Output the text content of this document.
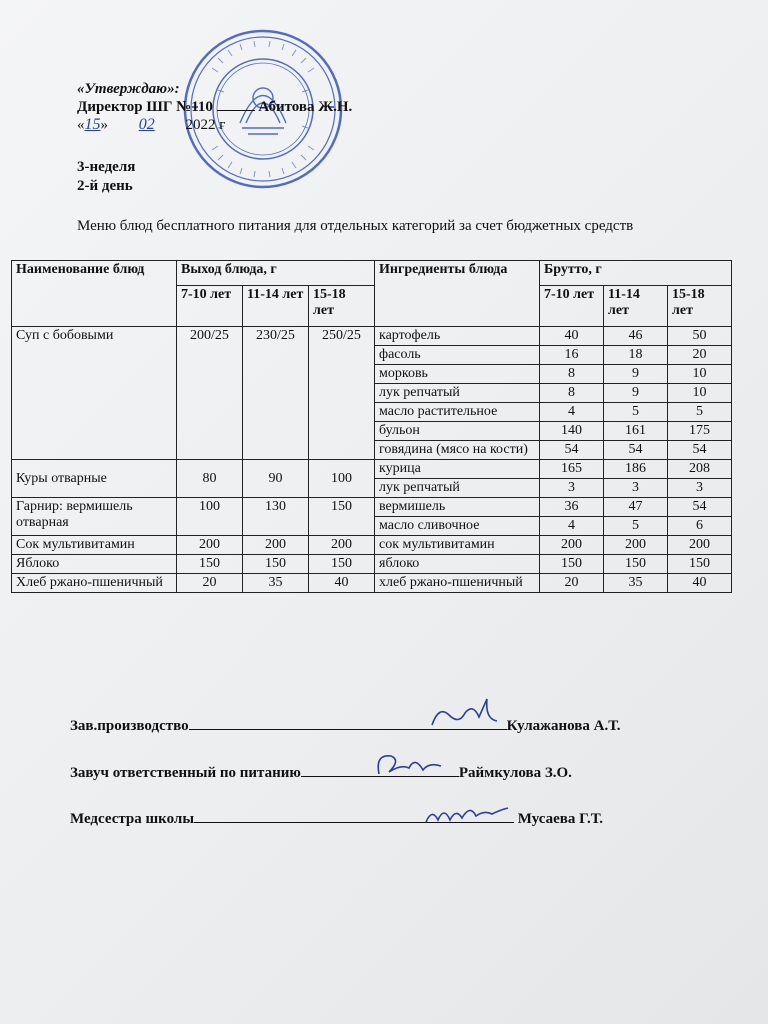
«Утверждаю»:
Директор ШГ №110	Абитова Ж.Н.
«15» 02 2022 г
3-неделя
2-й день
Меню блюд бесплатного питания для отдельных категорий за счет бюджетных средств
Наименование блюд	Выход блюда, г			Ингредиенты блюда	Брутто, г		
	7-10 лет	11-14 лет	15-18 лет		7-10 лет	11-14 лет	15-18 лет
Суп с бобовыми	200/25	230/25	250/25	картофель	40	46	50
				фасоль	16	18	20
				морковь	8	9	10
				лук репчатый	8	9	10
				масло растительное	4	5	5
				бульон	140	161	175
				говядина (мясо на кости)	54	54	54
Куры отварные	80	90	100	курица	165	186	208
				лук репчатый	3	3	3
Гарнир: вермишель отварная	100	130	150	вермишель	36	47	54
				масло сливочное	4	5	6
Сок мультивитамин	200	200	200	сок мультивитамин	200	200	200
Яблоко	150	150	150	яблоко	150	150	150
Хлеб ржано-пшеничный	20	35	40	хлеб ржано-пшеничный	20	35	40
Зав.производство	Кулажанова А.Т.
Завуч ответственный по питанию	Раймкулова З.О.
Медсестра школы	Мусаева Г.Т.
